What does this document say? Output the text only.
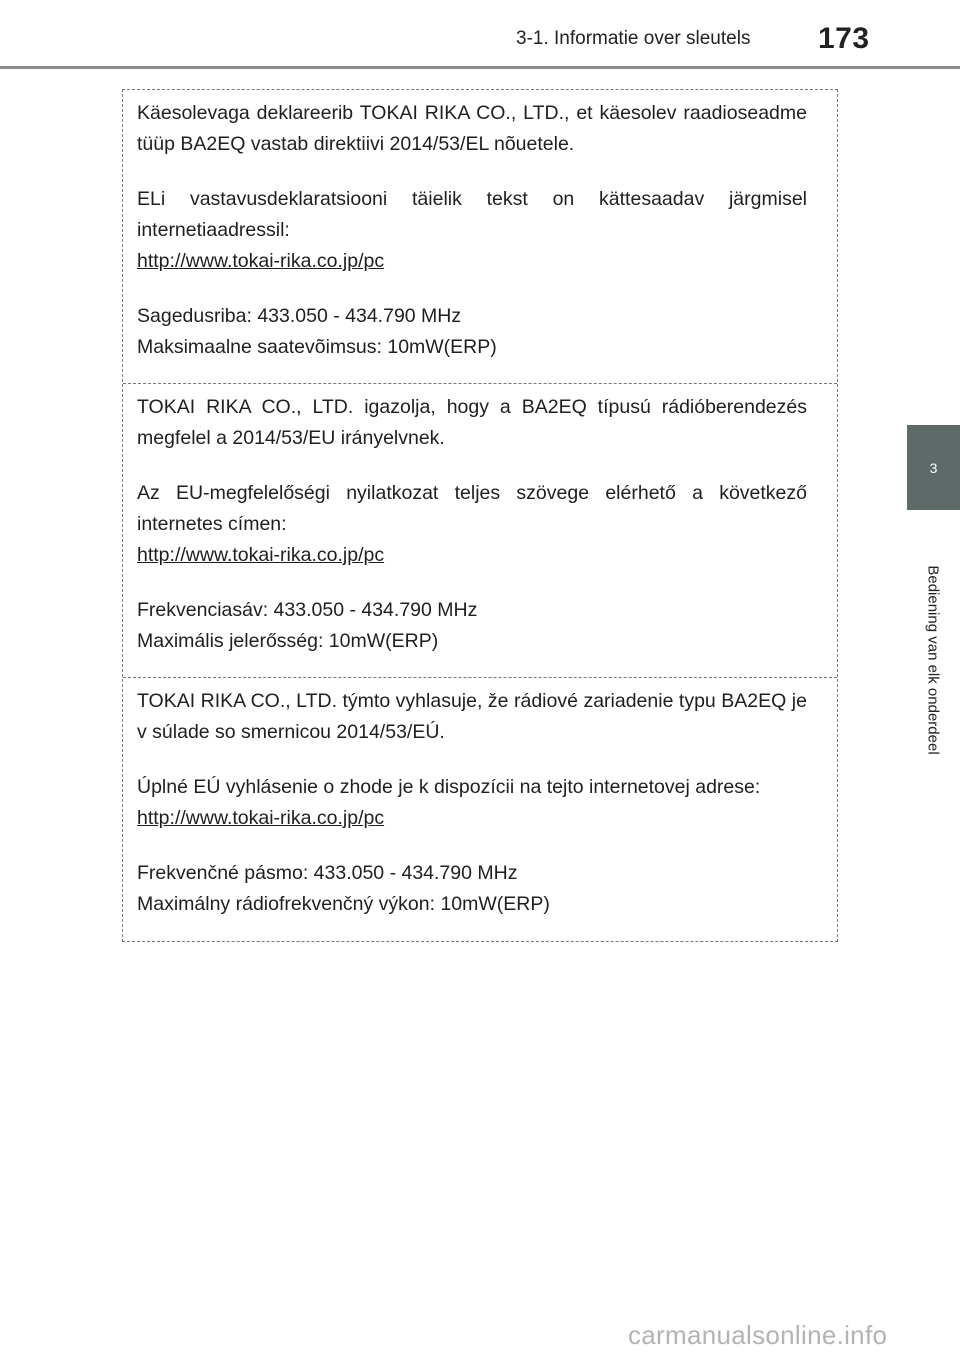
3-1. Informatie over sleutels 173
3
Bediening van elk onderdeel

Käesolevaga deklareerib TOKAI RIKA CO., LTD., et käesolev raadioseadme tüüp BA2EQ vastab direktiivi 2014/53/EL nõuetele.

ELi vastavusdeklaratsiooni täielik tekst on kättesaadav järgmisel internetiaadressil:
http://www.tokai-rika.co.jp/pc

Sagedusriba: 433.050 - 434.790 MHz
Maksimaalne saatevõimsus: 10mW(ERP)

TOKAI RIKA CO., LTD. igazolja, hogy a BA2EQ típusú rádióberendezés megfelel a 2014/53/EU irányelvnek.

Az EU-megfelelőségi nyilatkozat teljes szövege elérhető a következő internetes címen:
http://www.tokai-rika.co.jp/pc

Frekvenciasáv: 433.050 - 434.790 MHz
Maximális jelerősség: 10mW(ERP)

TOKAI RIKA CO., LTD. týmto vyhlasuje, že rádiové zariadenie typu BA2EQ je v súlade so smernicou 2014/53/EÚ.

Úplné EÚ vyhlásenie o zhode je k dispozícii na tejto internetovej adrese:
http://www.tokai-rika.co.jp/pc

Frekvenčné pásmo: 433.050 - 434.790 MHz
Maximálny rádiofrekvenčný výkon: 10mW(ERP)

carmanualsonline.info
